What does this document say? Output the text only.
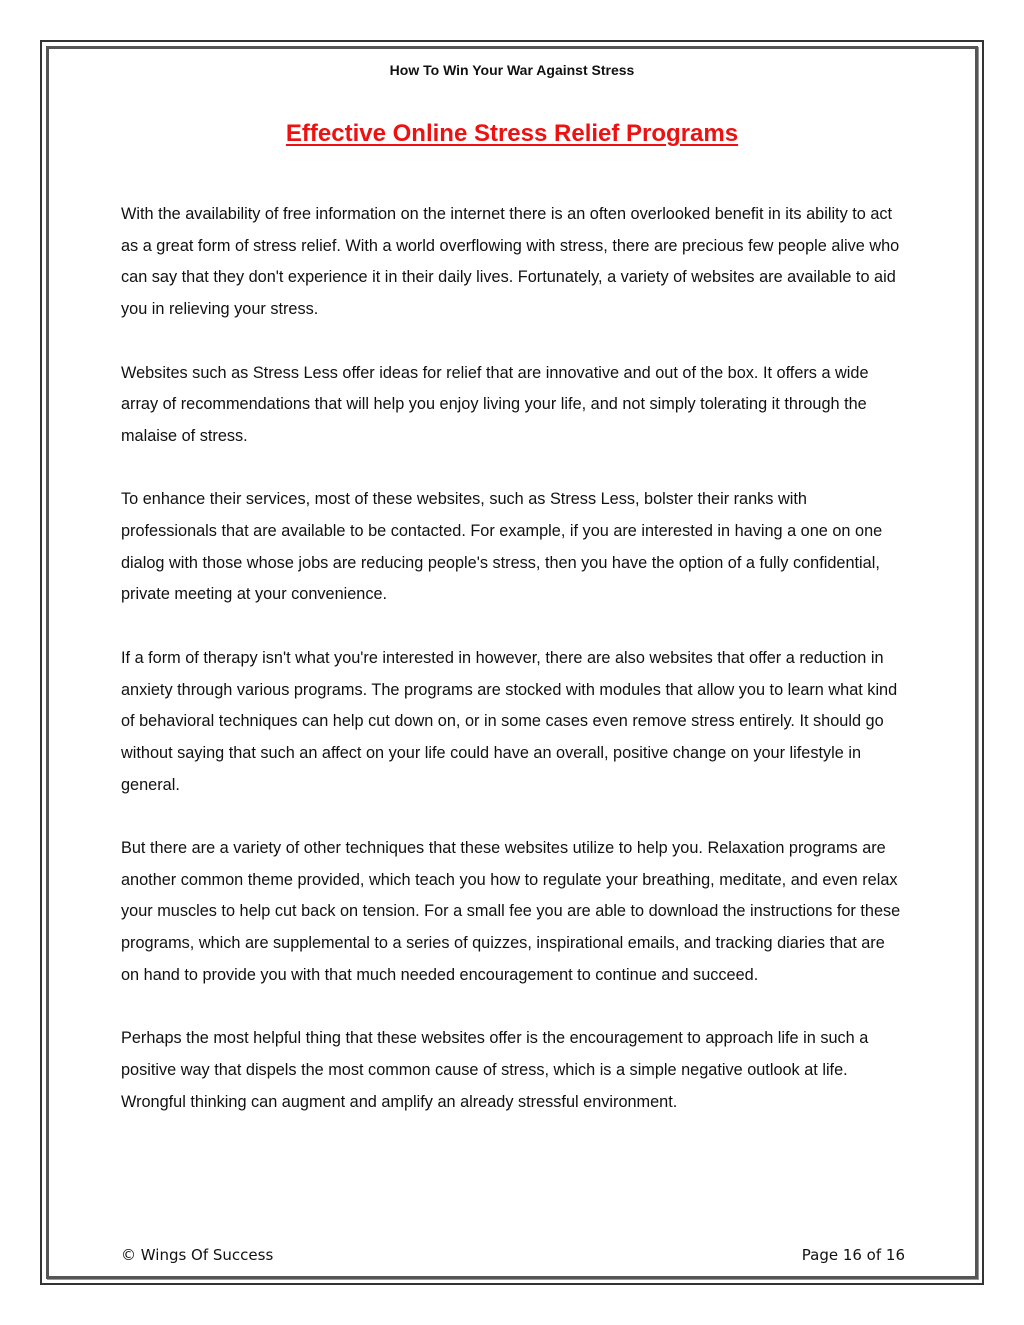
How To Win Your War Against Stress
Effective Online Stress Relief Programs

With the availability of free information on the internet there is an often overlooked benefit in its ability to act as a great form of stress relief. With a world overflowing with stress, there are precious few people alive who can say that they don't experience it in their daily lives. Fortunately, a variety of websites are available to aid you in relieving your stress.

Websites such as Stress Less offer ideas for relief that are innovative and out of the box. It offers a wide array of recommendations that will help you enjoy living your life, and not simply tolerating it through the malaise of stress.

To enhance their services, most of these websites, such as Stress Less, bolster their ranks with professionals that are available to be contacted. For example, if you are interested in having a one on one dialog with those whose jobs are reducing people's stress, then you have the option of a fully confidential, private meeting at your convenience.

If a form of therapy isn't what you're interested in however, there are also websites that offer a reduction in anxiety through various programs. The programs are stocked with modules that allow you to learn what kind of behavioral techniques can help cut down on, or in some cases even remove stress entirely. It should go without saying that such an affect on your life could have an overall, positive change on your lifestyle in general.

But there are a variety of other techniques that these websites utilize to help you. Relaxation programs are another common theme provided, which teach you how to regulate your breathing, meditate, and even relax your muscles to help cut back on tension. For a small fee you are able to download the instructions for these programs, which are supplemental to a series of quizzes, inspirational emails, and tracking diaries that are on hand to provide you with that much needed encouragement to continue and succeed.

Perhaps the most helpful thing that these websites offer is the encouragement to approach life in such a positive way that dispels the most common cause of stress, which is a simple negative outlook at life. Wrongful thinking can augment and amplify an already stressful environment.

© Wings Of Success	Page 16 of 16
